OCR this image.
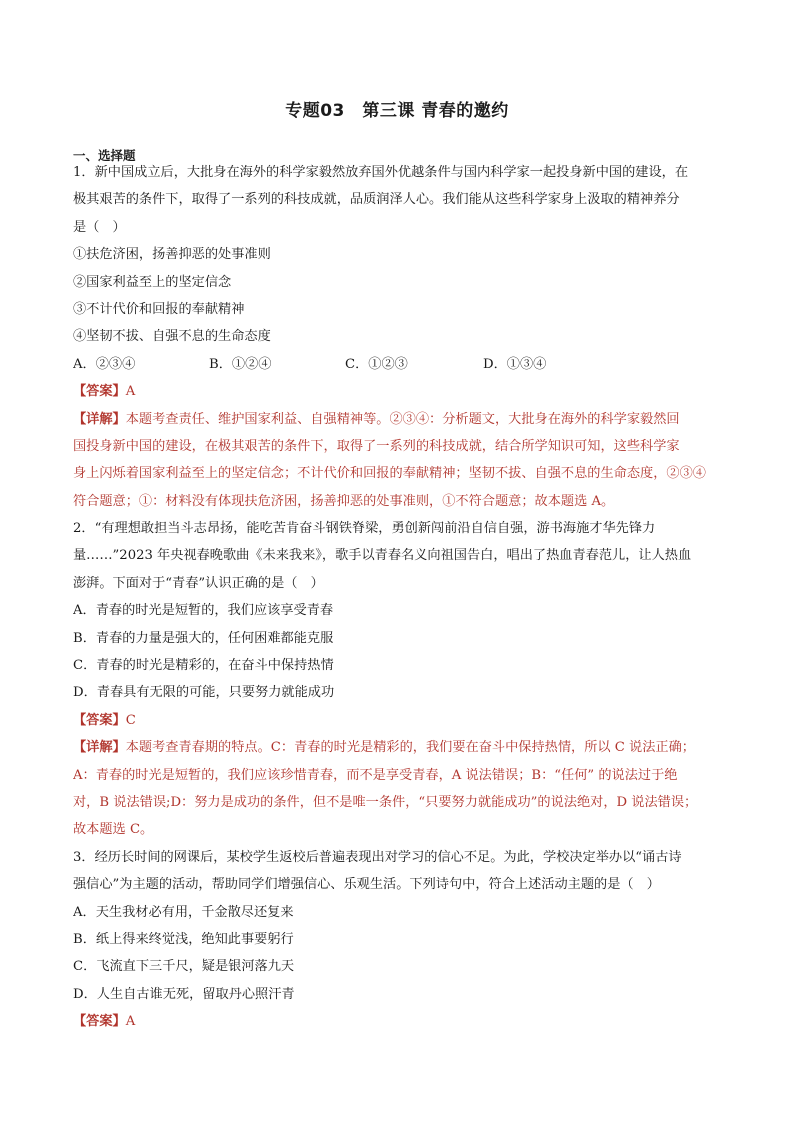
专题03　第三课 青春的邀约
一、选择题
1．新中国成立后，大批身在海外的科学家毅然放弃国外优越条件与国内科学家一起投身新中国的建设，在
极其艰苦的条件下，取得了一系列的科技成就，品质润泽人心。我们能从这些科学家身上汲取的精神养分
是（　）
①扶危济困，扬善抑恶的处事准则
②国家利益至上的坚定信念
③不计代价和回报的奉献精神
④坚韧不拔、自强不息的生命态度
A．②③④	B．①②④	C．①②③	D．①③④
【答案】A
【详解】本题考查责任、维护国家利益、自强精神等。②③④：分析题文，大批身在海外的科学家毅然回
国投身新中国的建设，在极其艰苦的条件下，取得了一系列的科技成就，结合所学知识可知，这些科学家
身上闪烁着国家利益至上的坚定信念；不计代价和回报的奉献精神；坚韧不拔、自强不息的生命态度，②③④
符合题意；①：材料没有体现扶危济困，扬善抑恶的处事准则，①不符合题意；故本题选 A。
2．“有理想敢担当斗志昂扬，能吃苦肯奋斗钢铁脊梁，勇创新闯前沿自信自强，游书海施才华先锋力
量……”2023 年央视春晚歌曲《未来我来》，歌手以青春名义向祖国告白，唱出了热血青春范儿，让人热血
澎湃。下面对于“青春”认识正确的是（　）
A．青春的时光是短暂的，我们应该享受青春
B．青春的力量是强大的，任何困难都能克服
C．青春的时光是精彩的，在奋斗中保持热情
D．青春具有无限的可能，只要努力就能成功
【答案】C
【详解】本题考查青春期的特点。C：青春的时光是精彩的，我们要在奋斗中保持热情，所以 C 说法正确；
A：青春的时光是短暂的，我们应该珍惜青春，而不是享受青春，A 说法错误；B：“任何” 的说法过于绝
对，B 说法错误;D：努力是成功的条件，但不是唯一条件，“只要努力就能成功”的说法绝对，D 说法错误；
故本题选 C。
3．经历长时间的网课后，某校学生返校后普遍表现出对学习的信心不足。为此，学校决定举办以“诵古诗
强信心”为主题的活动，帮助同学们增强信心、乐观生活。下列诗句中，符合上述活动主题的是（　）
A．天生我材必有用，千金散尽还复来
B．纸上得来终觉浅，绝知此事要躬行
C．飞流直下三千尺，疑是银河落九天
D．人生自古谁无死，留取丹心照汗青
【答案】A
